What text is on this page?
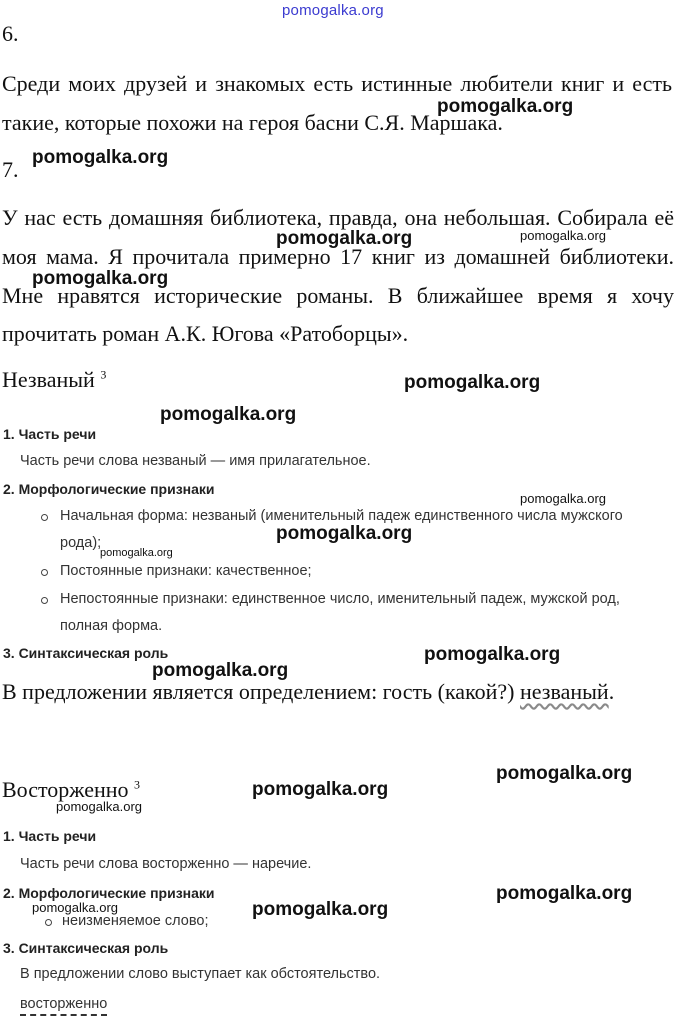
pomogalka.org
6.
Среди моих друзей и знакомых есть истинные любители книг и есть
такие, которые похожи на героя басни С.Я. Маршака.
7.
У нас есть домашняя библиотека, правда, она небольшая. Собирала её
моя мама. Я прочитала примерно 17 книг из домашней библиотеки.
Мне нравятся исторические романы. В ближайшее время я хочу
прочитать роман А.К. Югова «Ратоборцы».
Незваный $^3$
1. Часть речи
Часть речи слова незваный — имя прилагательное.
2. Морфологические признаки
Начальная форма: незваный (именительный падеж единственного числа мужского
рода);
Постоянные признаки: качественное;
Непостоянные признаки: единственное число, именительный падеж, мужской род,
полная форма.
3. Синтаксическая роль
В предложении является определением: гость (какой?) незваный.
Восторженно $^3$
1. Часть речи
Часть речи слова восторженно — наречие.
2. Морфологические признаки
неизменяемое слово;
3. Синтаксическая роль
В предложении слово выступает как обстоятельство.
восторженно
pomogalka.org
pomogalka.org
pomogalka.org	pomogalka.org
pomogalka.org
pomogalka.org
pomogalka.org
pomogalka.org
pomogalka.org
pomogalka.org
pomogalka.org
pomogalka.org
pomogalka.org
pomogalka.org
pomogalka.org
pomogalka.org
pomogalka.org	pomogalka.org
